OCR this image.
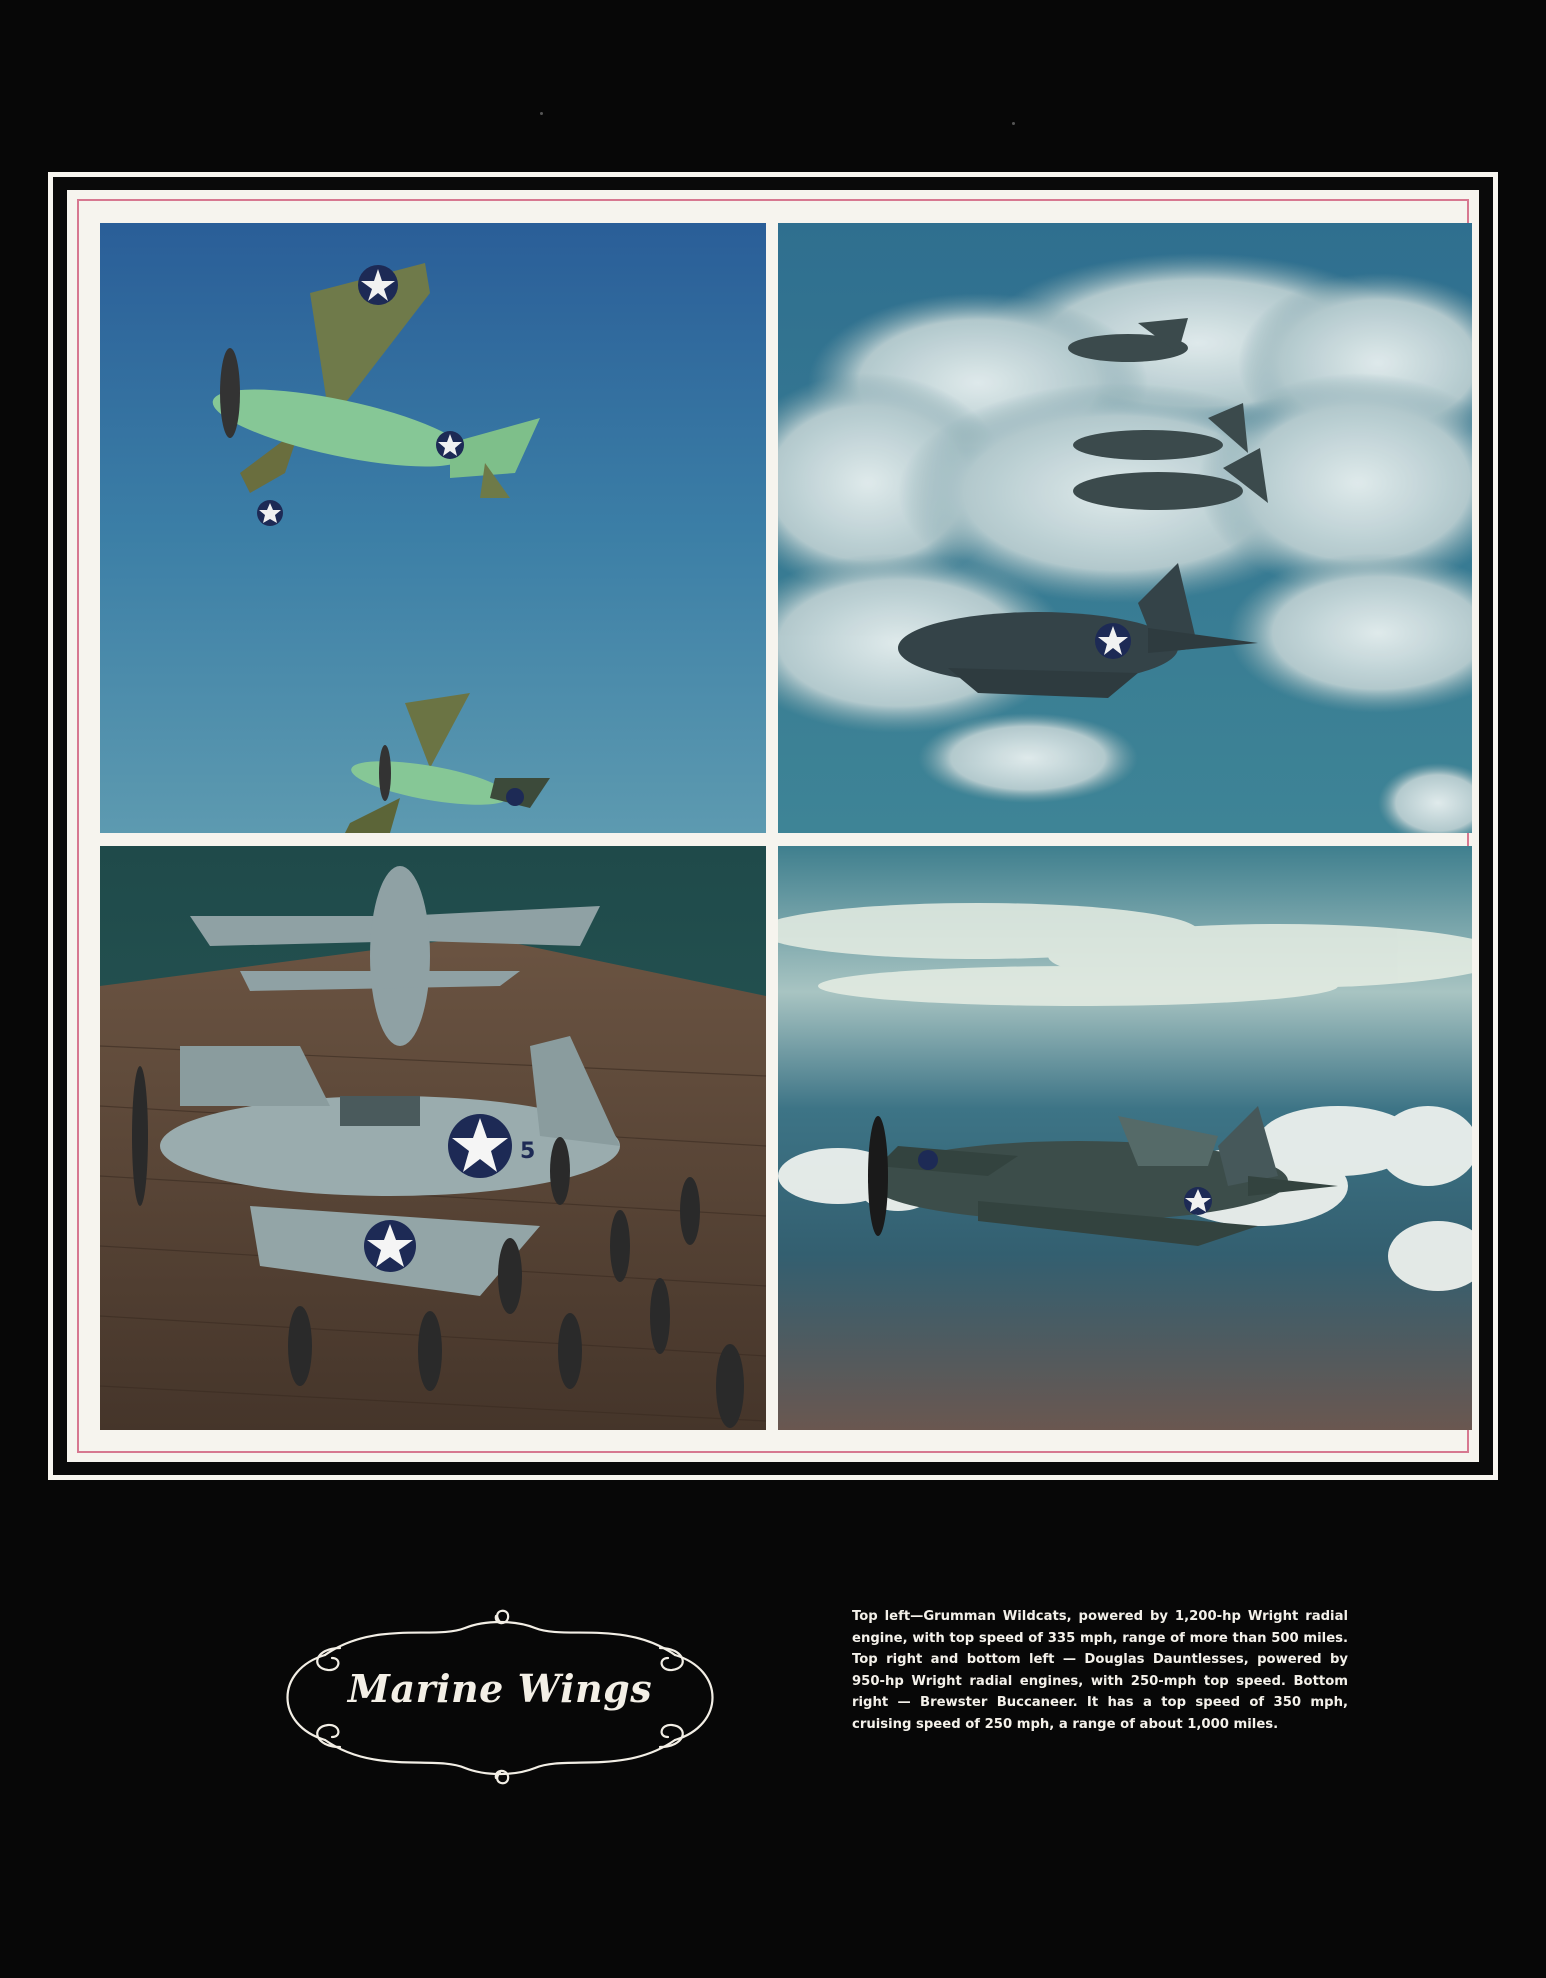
5
Marine Wings
Top left—Grumman Wildcats, powered by 1,200-hp Wright radial engine, with top speed of 335 mph, range of more than 500 miles. Top right and bottom left — Douglas Dauntlesses, powered by 950-hp Wright radial engines, with 250-mph top speed. Bottom right — Brewster Buccaneer. It has a top speed of 350 mph, cruising speed of 250 mph, a range of about 1,000 miles.
